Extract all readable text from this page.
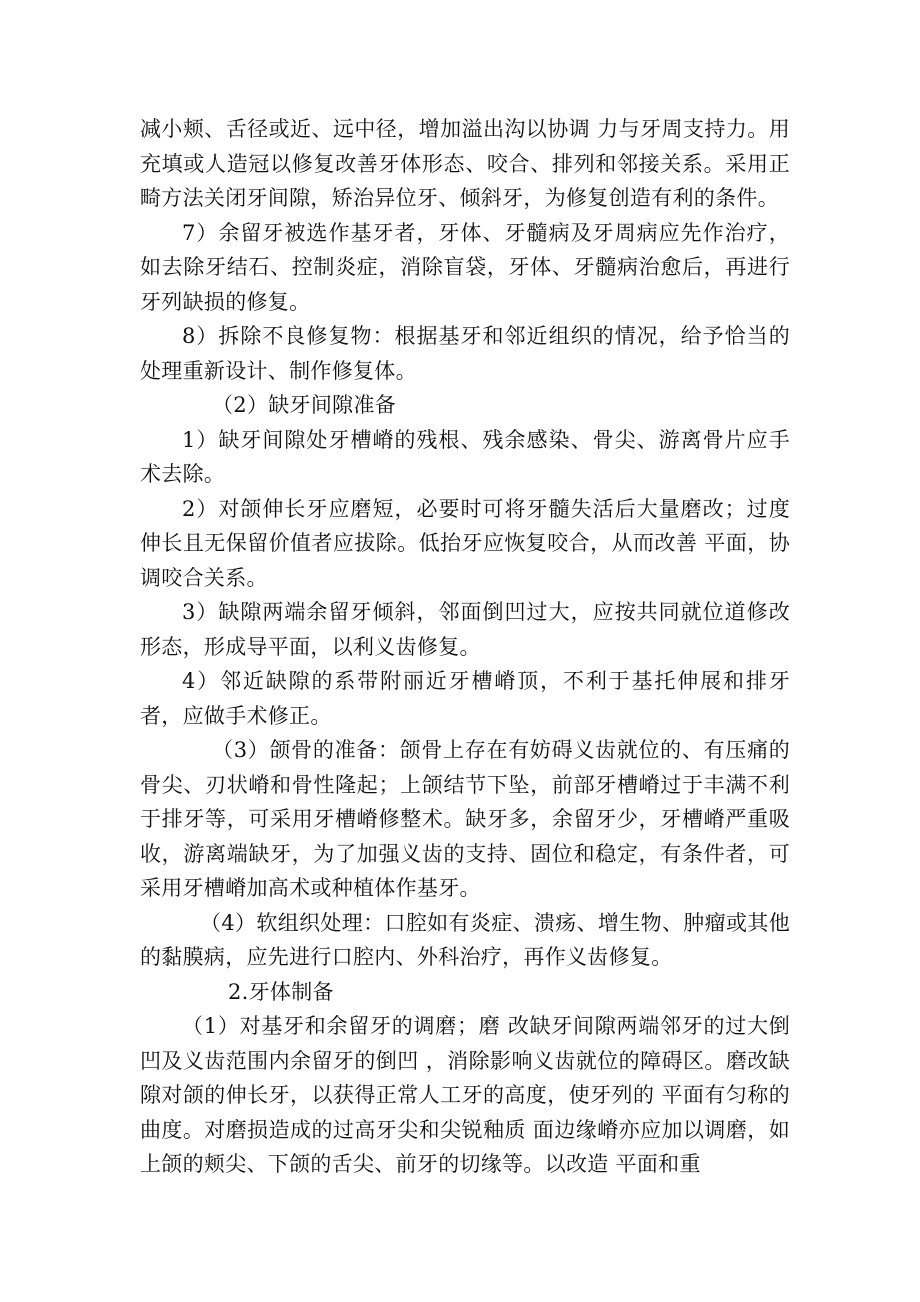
减小颊、舌径或近、远中径，增加溢出沟以协调 力与牙周支持力。用充填或人造冠以修复改善牙体形态、咬合、排列和邻接关系。采用正畸方法关闭牙间隙，矫治异位牙、倾斜牙，为修复创造有利的条件。

7）余留牙被选作基牙者，牙体、牙髓病及牙周病应先作治疗，如去除牙结石、控制炎症，消除盲袋，牙体、牙髓病治愈后，再进行牙列缺损的修复。

8）拆除不良修复物：根据基牙和邻近组织的情况，给予恰当的处理重新设计、制作修复体。

（2）缺牙间隙准备

1）缺牙间隙处牙槽嵴的残根、残余感染、骨尖、游离骨片应手术去除。

2）对颌伸长牙应磨短，必要时可将牙髓失活后大量磨改；过度伸长且无保留价值者应拔除。低抬牙应恢复咬合，从而改善 平面，协调咬合关系。

3）缺隙两端余留牙倾斜，邻面倒凹过大，应按共同就位道修改形态，形成导平面，以利义齿修复。

4）邻近缺隙的系带附丽近牙槽嵴顶，不利于基托伸展和排牙者，应做手术修正。

（3）颌骨的准备：颌骨上存在有妨碍义齿就位的、有压痛的骨尖、刃状嵴和骨性隆起；上颌结节下坠，前部牙槽嵴过于丰满不利于排牙等，可采用牙槽嵴修整术。缺牙多，余留牙少，牙槽嵴严重吸收，游离端缺牙，为了加强义齿的支持、固位和稳定，有条件者，可采用牙槽嵴加高术或种植体作基牙。

（4）软组织处理：口腔如有炎症、溃疡、增生物、肿瘤或其他的黏膜病，应先进行口腔内、外科治疗，再作义齿修复。

2.牙体制备

（1）对基牙和余留牙的调磨；磨 改缺牙间隙两端邻牙的过大倒凹及义齿范围内余留牙的倒凹 ，消除影响义齿就位的障碍区。磨改缺隙对颌的伸长牙，以获得正常人工牙的高度，使牙列的 平面有匀称的曲度。对磨损造成的过高牙尖和尖锐釉质 面边缘嵴亦应加以调磨，如上颌的颊尖、下颌的舌尖、前牙的切缘等。以改造 平面和重
